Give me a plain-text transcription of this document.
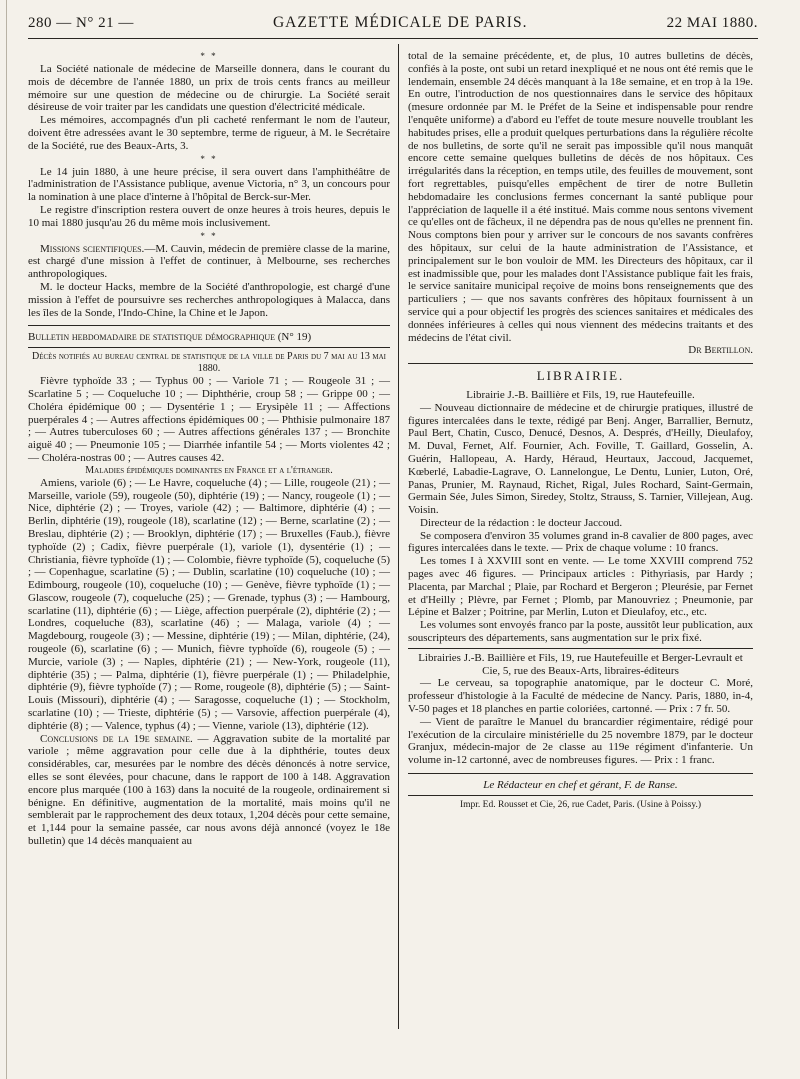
280 — N° 21 —	GAZETTE MÉDICALE DE PARIS.	22 MAI 1880.
* *

La Société nationale de médecine de Marseille donnera, dans le courant du mois de décembre de l'année 1880, un prix de trois cents francs au meilleur mémoire sur une question de médecine ou de chirurgie. La Société serait désireuse de voir traiter par les candidats une question d'électricité médicale.

Les mémoires, accompagnés d'un pli cacheté renfermant le nom de l'auteur, doivent être adressées avant le 30 septembre, terme de rigueur, à M. le Secrétaire de la Société, rue des Beaux-Arts, 3.

* *

Le 14 juin 1880, à une heure précise, il sera ouvert dans l'amphithéâtre de l'administration de l'Assistance publique, avenue Victoria, n° 3, un concours pour la nomination à une place d'interne à l'hôpital de Berck-sur-Mer.

Le registre d'inscription restera ouvert de onze heures à trois heures, depuis le 10 mai 1880 jusqu'au 26 du même mois inclusivement.

* *

Missions scientifiques.—M. Cauvin, médecin de première classe de la marine, est chargé d'une mission à l'effet de continuer, à Melbourne, ses recherches anthropologiques.

M. le docteur Hacks, membre de la Société d'anthropologie, est chargé d'une mission à l'effet de poursuivre ses recherches anthropologiques à Malacca, dans les îles de la Sonde, l'Indo-Chine, la Chine et le Japon.

Bulletin hebdomadaire de statistique démographique (N° 19)

Décès notifiés au bureau central de statistique de la ville de Paris du 7 mai au 13 mai 1880.

Fièvre typhoïde 33 ; — Typhus 00 ; — Variole 71 ; — Rougeole 31 ; — Scarlatine 5 ; — Coqueluche 10 ; — Diphthérie, croup 58 ; — Grippe 00 ; — Choléra épidémique 00 ; — Dysentérie 1 ; — Erysipèle 11 ; — Affections puerpérales 4 ; — Autres affections épidémiques 00 ; — Phthisie pulmonaire 187 ; — Autres tuberculoses 60 ; — Autres affections générales 137 ; — Bronchite aiguë 40 ; — Pneumonie 105 ; — Diarrhée infantile 54 ; — Morts violentes 42 ; — Choléra-nostras 00 ; — Autres causes 42.

Maladies épidémiques dominantes en France et a l'étranger.

Amiens, variole (6) ; — Le Havre, coqueluche (4) ; — Lille, rougeole (21) ; — Marseille, variole (59), rougeole (50), diphtérie (19) ; — Nancy, rougeole (1) ; — Nice, diphtérie (2) ; — Troyes, variole (42) ; — Baltimore, diphtérie (4) ; — Berlin, diphtérie (19), rougeole (18), scarlatine (12) ; — Berne, scarlatine (2) ; — Breslau, diphtérie (2) ; — Brooklyn, diphtérie (17) ; — Bruxelles (Faub.), fièvre typhoïde (2) ; Cadix, fièvre puerpérale (1), variole (1), dysentérie (1) ; — Christiania, fièvre typhoïde (1) ; — Colombie, fièvre typhoïde (5), coqueluche (5) ; — Copenhague, scarlatine (5) ; — Dublin, scarlatine (10) coqueluche (10) ; — Edimbourg, rougeole (10), coqueluche (10) ; — Genève, fièvre typhoïde (1) ; — Glascow, rougeole (7), coqueluche (25) ; — Grenade, typhus (3) ; — Hambourg, scarlatine (11), diphtérie (6) ; — Liège, affection puerpérale (2), diphtérie (2) ; — Londres, coqueluche (83), scarlatine (46) ; — Malaga, variole (4) ; — Magdebourg, rougeole (3) ; — Messine, diphtérie (19) ; — Milan, diphtérie, (24), rougeole (6), scarlatine (6) ; — Munich, fièvre typhoïde (6), rougeole (5) ; — Murcie, variole (3) ; — Naples, diphtérie (21) ; — New-York, rougeole (11), diphtérie (35) ; — Palma, diphtérie (1), fièvre puerpérale (1) ; — Philadelphie, diphtérie (9), fièvre typhoïde (7) ; — Rome, rougeole (8), diphtérie (5) ; — Saint-Louis (Missouri), diphtérie (4) ; — Saragosse, coqueluche (1) ; — Stockholm, scarlatine (10) ; — Trieste, diphtérie (5) ; — Varsovie, affection puerpérale (4), diphtérie (8) ; — Valence, typhus (4) ; — Vienne, variole (13), diphtérie (12).

Conclusions de la 19e semaine. — Aggravation subite de la mortalité par variole ; même aggravation pour celle due à la diphthérie, toutes deux considérables, car, mesurées par le nombre des décès dénoncés à notre service, elles se sont élevées, pour chacune, dans le rapport de 100 à 148. Aggravation encore plus marquée (100 à 163) dans la nocuité de la rougeole, ordinairement si bénigne. En définitive, augmentation de la mortalité, mais moins qu'il ne semblerait par le rapprochement des deux totaux, 1,204 décès pour cette semaine, et 1,144 pour la semaine passée, car nous avons déjà annoncé (voyez le 18e bulletin) que 14 décès manquaient au

total de la semaine précédente, et, de plus, 10 autres bulletins de décès, confiés à la poste, ont subi un retard inexpliqué et ne nous ont été remis que le lendemain, ensemble 24 décès manquant à la 18e semaine, et en trop à la 19e. En outre, l'introduction de nos questionnaires dans le service des hôpitaux (mesure ordonnée par M. le Préfet de la Seine et indispensable pour rendre l'enquête uniforme) a d'abord eu l'effet de toute mesure nouvelle troublant les habitudes prises, elle a produit quelques perturbations dans la régulière récolte de nos bulletins, de sorte qu'il ne serait pas impossible qu'il nous manquât encore cette semaine quelques bulletins de décès de nos hôpitaux. Ces irrégularités dans la réception, en temps utile, des feuilles de mouvement, sont fort regrettables, puisqu'elles empêchent de tirer de notre Bulletin hebdomadaire les conclusions fermes concernant la santé publique pour l'appréciation de laquelle il a été institué. Mais comme nous sentons vivement ce qu'elles ont de fâcheux, il ne dépendra pas de nous qu'elles ne prennent fin. Nous comptons bien pour y arriver sur le concours de nos savants confrères des hôpitaux, sur celui de la haute administration de l'Assistance, et principalement sur le bon vouloir de MM. les Directeurs des hôpitaux, car il est inadmissible que, pour les malades dont l'Assistance publique fait les frais, le service sanitaire municipal reçoive de moins bons renseignements que des particuliers ; — que nos savants confrères des hôpitaux fournissent à un service qui a pour objectif les progrès des sciences sanitaires et médicales des données inférieures à celles qui nous viennent des médecins traitants et des médecins de l'état civil.

Dr Bertillon.

LIBRAIRIE.

Librairie J.-B. Baillière et Fils, 19, rue Hautefeuille.

— Nouveau dictionnaire de médecine et de chirurgie pratiques, illustré de figures intercalées dans le texte, rédigé par Benj. Anger, Barrallier, Bernutz, Paul Bert, Chatin, Cusco, Denucé, Desnos, A. Després, d'Heilly, Dieulafoy, M. Duval, Fernet, Alf. Fournier, Ach. Foville, T. Gaillard, Gosselin, A. Guérin, Hallopeau, A. Hardy, Héraud, Heurtaux, Jaccoud, Jacquemet, Kœberlé, Labadie-Lagrave, O. Lannelongue, Le Dentu, Lunier, Luton, Oré, Panas, Prunier, M. Raynaud, Richet, Rigal, Jules Rochard, Saint-Germain, Germain Sée, Jules Simon, Siredey, Stoltz, Strauss, S. Tarnier, Villejean, Aug. Voisin.

Directeur de la rédaction : le docteur Jaccoud.

Se composera d'environ 35 volumes grand in-8 cavalier de 800 pages, avec figures intercalées dans le texte. — Prix de chaque volume : 10 francs.

Les tomes I à XXVIII sont en vente. — Le tome XXVIII comprend 752 pages avec 46 figures. — Principaux articles : Pithyriasis, par Hardy ; Placenta, par Marchal ; Plaie, par Rochard et Bergeron ; Pleurésie, par Fernet et d'Heilly ; Plèvre, par Fernet ; Plomb, par Manouvriez ; Pneumonie, par Lépine et Balzer ; Poitrine, par Merlin, Luton et Dieulafoy, etc., etc.

Les volumes sont envoyés franco par la poste, aussitôt leur publication, aux souscripteurs des départements, sans augmentation sur le prix fixé.

Librairies J.-B. Baillière et Fils, 19, rue Hautefeuille et Berger-Levrault et Cie, 5, rue des Beaux-Arts, libraires-éditeurs

— Le cerveau, sa topographie anatomique, par le docteur C. Moré, professeur d'histologie à la Faculté de médecine de Nancy. Paris, 1880, in-4, V-50 pages et 18 planches en partie coloriées, cartonné. — Prix : 7 fr. 50.

— Vient de paraître le Manuel du brancardier régimentaire, rédigé pour l'exécution de la circulaire ministérielle du 25 novembre 1879, par le docteur Granjux, médecin-major de 2e classe au 119e régiment d'infanterie. Un volume in-12 cartonné, avec de nombreuses figures. — Prix : 1 franc.

Le Rédacteur en chef et gérant, F. de Ranse.

Impr. Ed. Rousset et Cie, 26, rue Cadet, Paris. (Usine à Poissy.)
